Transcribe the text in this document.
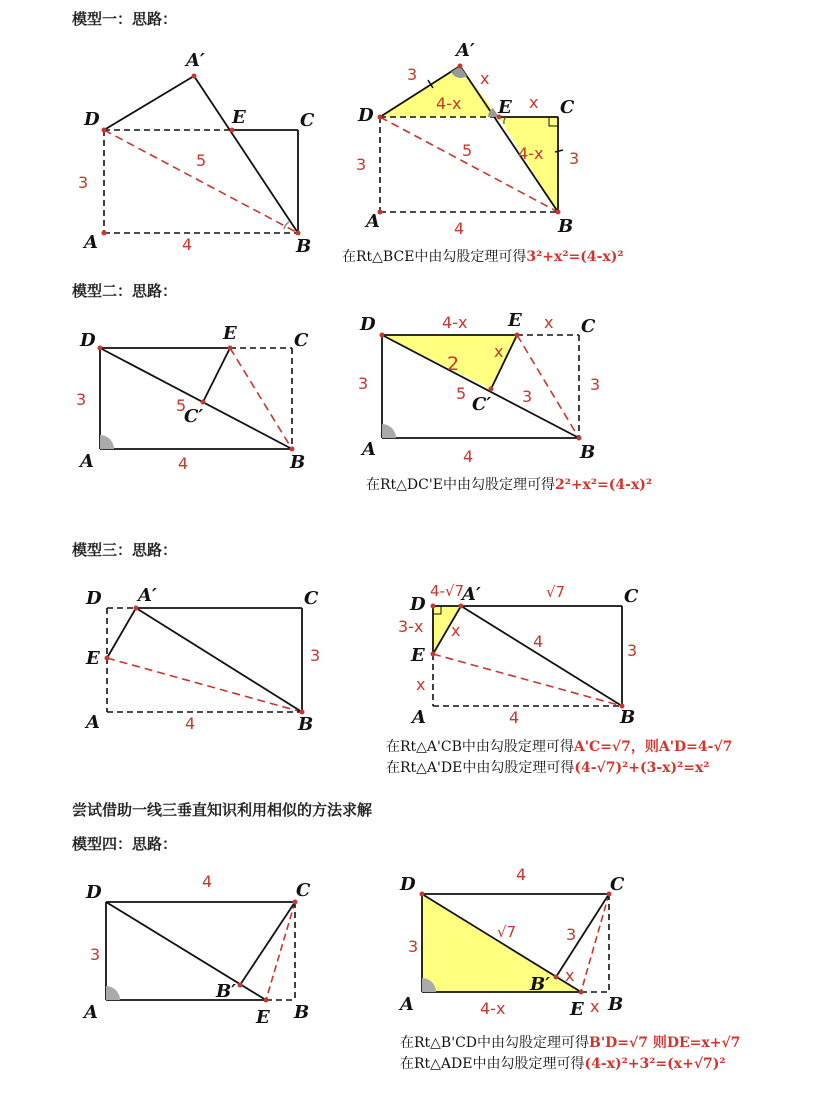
模型一：思路：
模型二：思路：
模型三：思路：
尝试借助一线三垂直知识利用相似的方法求解
模型四：思路：
D
A′
E	C
A	B
3
5
4
D
A′
E	C
A	B
3	x
4-x	x
4-x 3
3
5
4
D	E	C
A	B
C′
3	5
4
D	E	C
A	B
C′
4-x	x
x
2
3
5	3
3
4
D A′	C
E
A	B
3
4
4-√7
D A′	√7	C
3-x x
4	3
E
x
A	4	B
D
4	C
3
B′
A	E B
D	4	C
√7	3
3
x
B′
A	4-x	E x B
在Rt△BCE中由勾股定理可得3²+x²=(4-x)²
在Rt△DC'E中由勾股定理可得2²+x²=(4-x)²
在Rt△A'CB中由勾股定理可得A'C=√7，则A'D=4-√7
在Rt△A'DE中由勾股定理可得(4-√7)²+(3-x)²=x²
在Rt△B'CD中由勾股定理可得B'D=√7 则DE=x+√7
在Rt△ADE中由勾股定理可得(4-x)²+3²=(x+√7)²
